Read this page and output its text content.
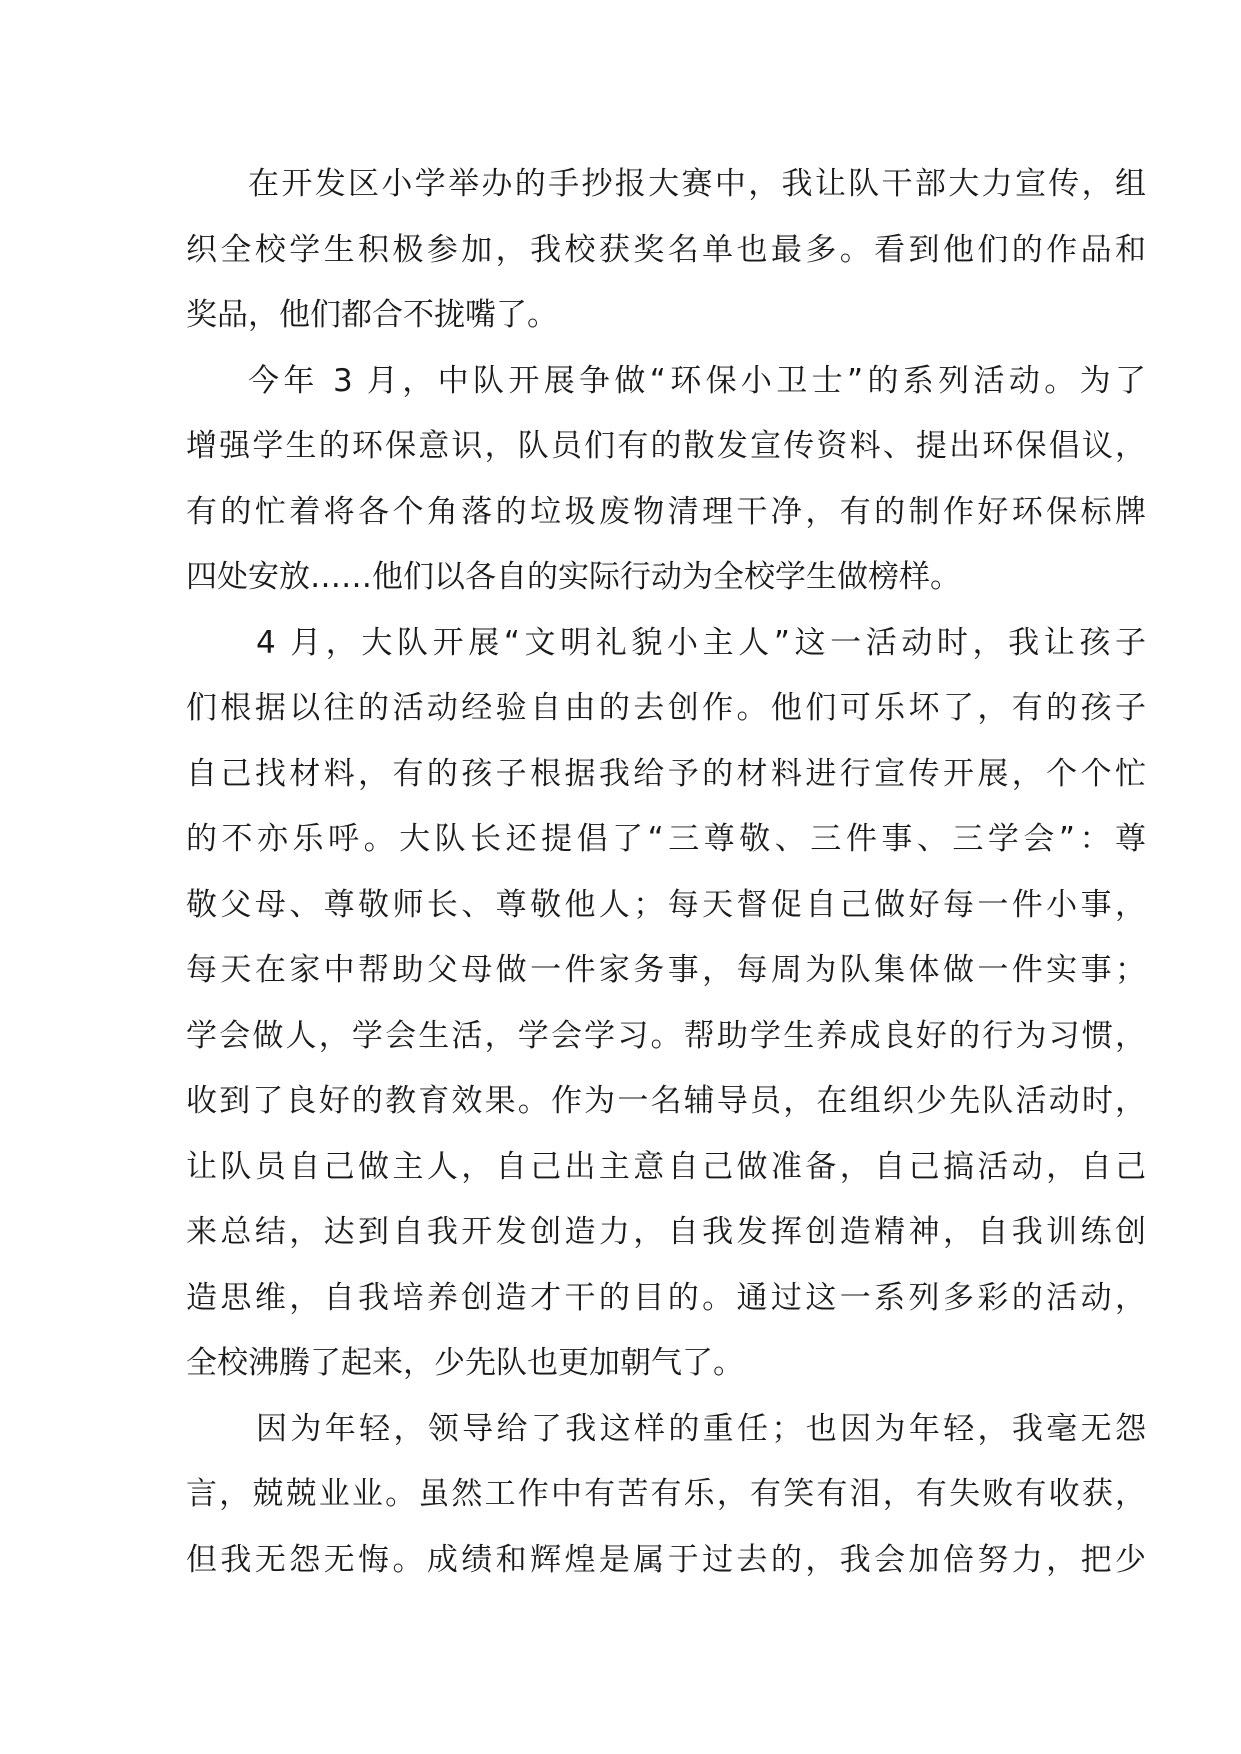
在开发区小学举办的手抄报大赛中，我让队干部大力宣传，组
织全校学生积极参加，我校获奖名单也最多。看到他们的作品和
奖品，他们都合不拢嘴了。
今年 3 月，中队开展争做“环保小卫士”的系列活动。为了
增强学生的环保意识，队员们有的散发宣传资料、提出环保倡议，
有的忙着将各个角落的垃圾废物清理干净，有的制作好环保标牌
四处安放……他们以各自的实际行动为全校学生做榜样。
4 月，大队开展“文明礼貌小主人”这一活动时，我让孩子
们根据以往的活动经验自由的去创作。他们可乐坏了，有的孩子
自己找材料，有的孩子根据我给予的材料进行宣传开展，个个忙
的不亦乐呼。大队长还提倡了“三尊敬、三件事、三学会”：尊
敬父母、尊敬师长、尊敬他人；每天督促自己做好每一件小事，
每天在家中帮助父母做一件家务事，每周为队集体做一件实事；
学会做人，学会生活，学会学习。帮助学生养成良好的行为习惯，
收到了良好的教育效果。作为一名辅导员，在组织少先队活动时，
让队员自己做主人，自己出主意自己做准备，自己搞活动，自己
来总结，达到自我开发创造力，自我发挥创造精神，自我训练创
造思维，自我培养创造才干的目的。通过这一系列多彩的活动，
全校沸腾了起来，少先队也更加朝气了。
因为年轻，领导给了我这样的重任；也因为年轻，我毫无怨
言，兢兢业业。虽然工作中有苦有乐，有笑有泪，有失败有收获，
但我无怨无悔。成绩和辉煌是属于过去的，我会加倍努力，把少
